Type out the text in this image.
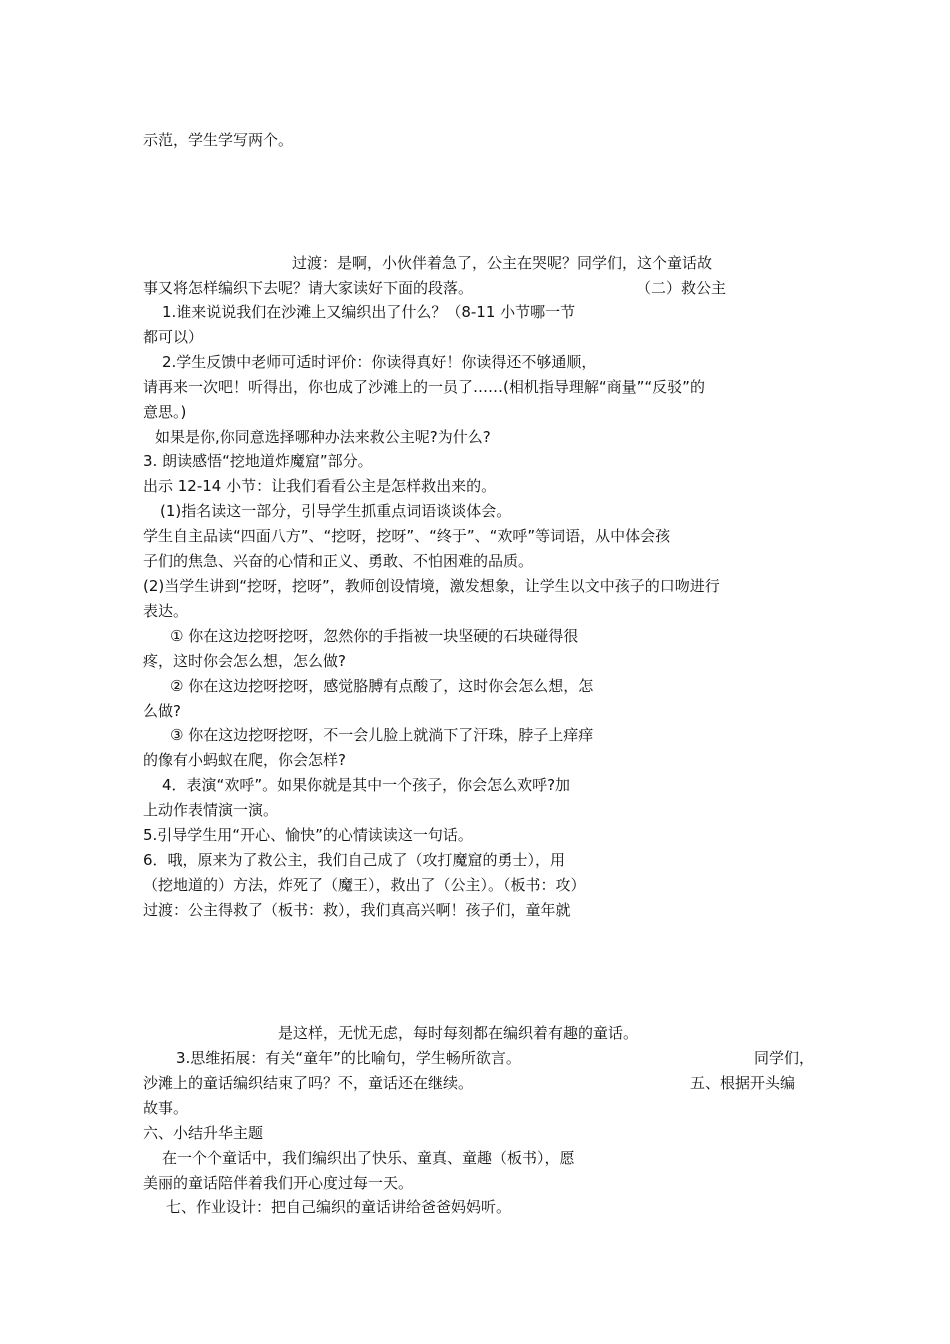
示范，学生学写两个。
过渡：是啊，小伙伴着急了，公主在哭呢？同学们，这个童话故
事又将怎样编织下去呢？请大家读好下面的段落。	（二）救公主
1.谁来说说我们在沙滩上又编织出了什么？（8-11 小节哪一节
都可以）
2.学生反馈中老师可适时评价：你读得真好！你读得还不够通顺，
请再来一次吧！听得出，你也成了沙滩上的一员了……(相机指导理解“商量”“反驳”的
意思。)
如果是你,你同意选择哪种办法来救公主呢?为什么?
3. 朗读感悟“挖地道炸魔窟”部分。
出示 12-14 小节：让我们看看公主是怎样救出来的。
(1)指名读这一部分，引导学生抓重点词语谈谈体会。
学生自主品读“四面八方”、“挖呀，挖呀”、“终于”、“欢呼”等词语，从中体会孩
子们的焦急、兴奋的心情和正义、勇敢、不怕困难的品质。
(2)当学生讲到“挖呀，挖呀”，教师创设情境，激发想象，让学生以文中孩子的口吻进行
表达。
① 你在这边挖呀挖呀，忽然你的手指被一块坚硬的石块碰得很
疼，这时你会怎么想，怎么做?
② 你在这边挖呀挖呀，感觉胳膊有点酸了，这时你会怎么想，怎
么做?
③ 你在这边挖呀挖呀，不一会儿脸上就淌下了汗珠，脖子上痒痒
的像有小蚂蚁在爬，你会怎样?
4．表演“欢呼”。如果你就是其中一个孩子，你会怎么欢呼?加
上动作表情演一演。
5.引导学生用“开心、愉快”的心情读读这一句话。
6．哦，原来为了救公主，我们自己成了（攻打魔窟的勇士），用
（挖地道的）方法，炸死了（魔王），救出了（公主）。（板书：攻）
过渡：公主得救了（板书：救），我们真高兴啊！孩子们，童年就
是这样，无忧无虑，每时每刻都在编织着有趣的童话。
3.思维拓展：有关“童年”的比喻句，学生畅所欲言。	同学们，
沙滩上的童话编织结束了吗？不，童话还在继续。	五、根据开头编
故事。
六、小结升华主题
在一个个童话中，我们编织出了快乐、童真、童趣（板书），愿
美丽的童话陪伴着我们开心度过每一天。
七、作业设计：把自己编织的童话讲给爸爸妈妈听。
